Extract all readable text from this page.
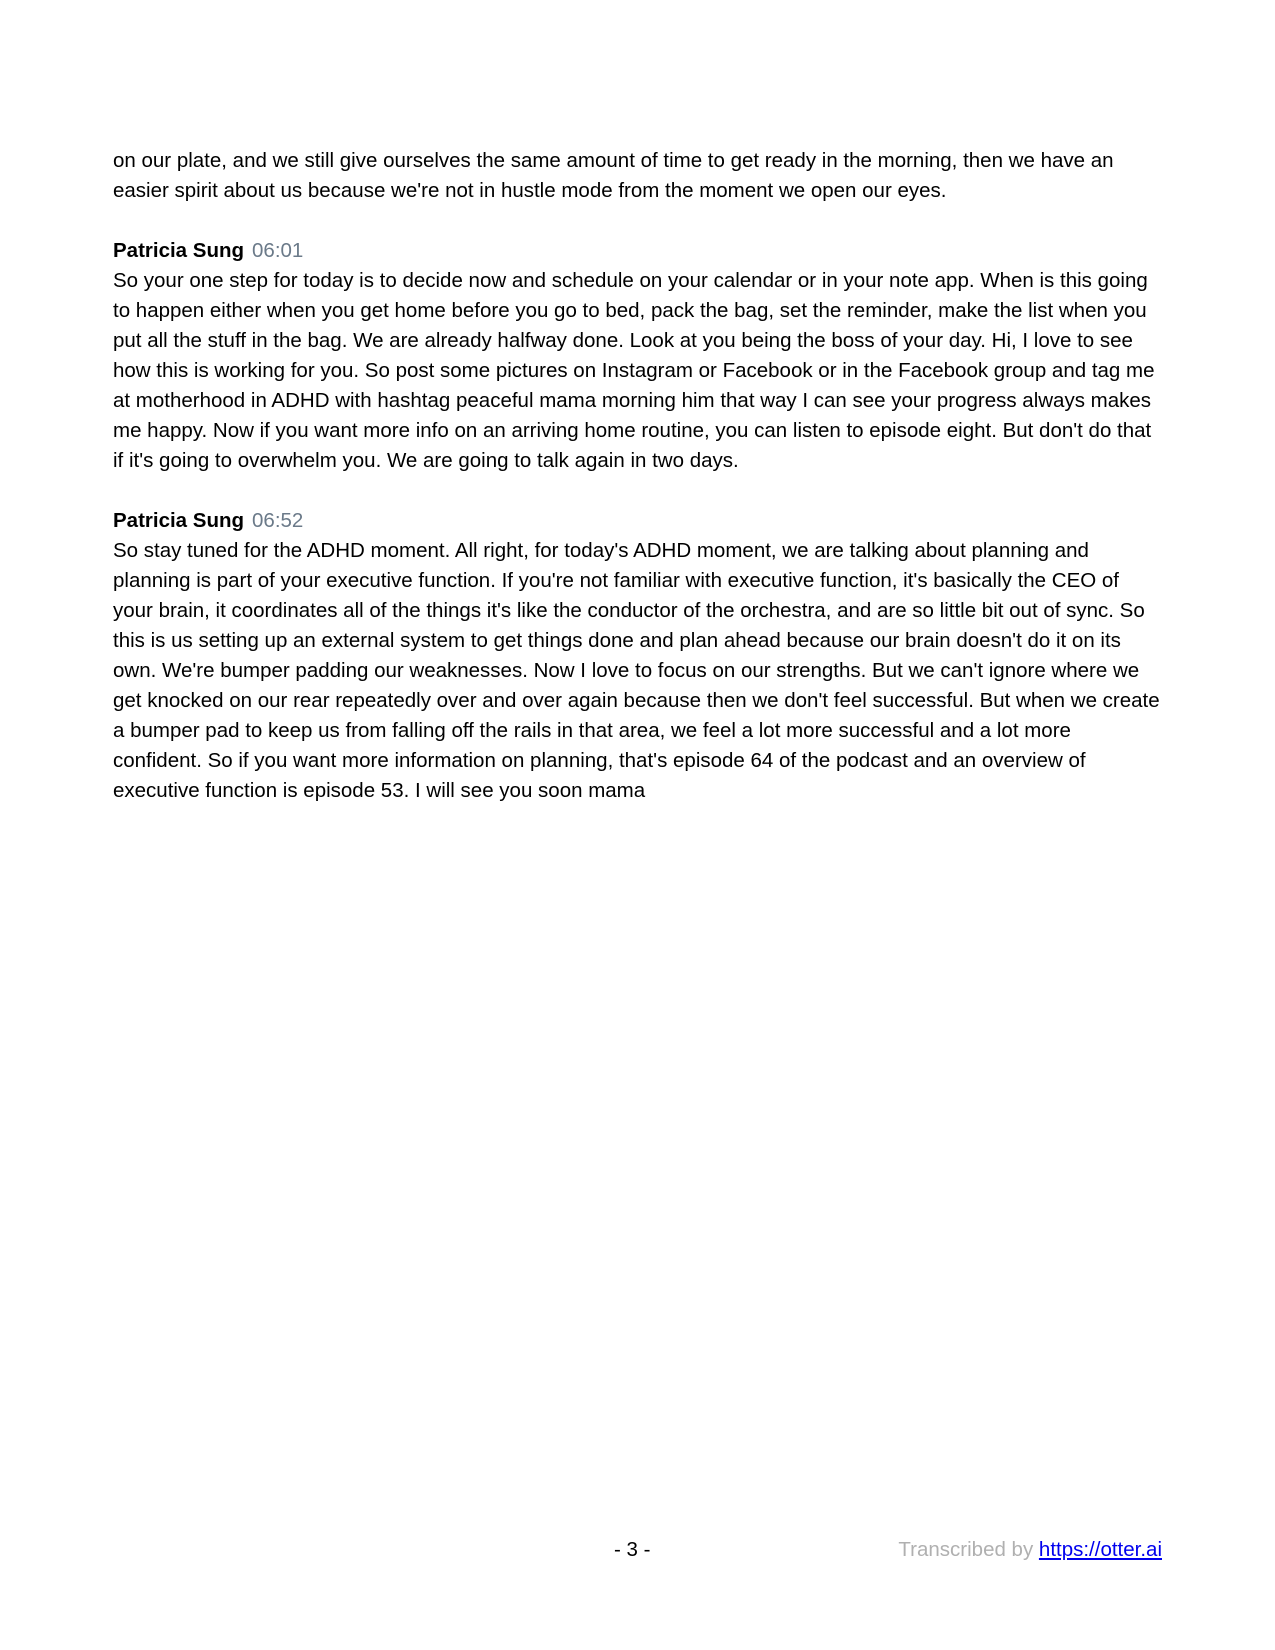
on our plate, and we still give ourselves the same amount of time to get ready in the morning, then we have an easier spirit about us because we're not in hustle mode from the moment we open our eyes.

Patricia Sung 06:01

So your one step for today is to decide now and schedule on your calendar or in your note app. When is this going to happen either when you get home before you go to bed, pack the bag, set the reminder, make the list when you put all the stuff in the bag. We are already halfway done. Look at you being the boss of your day. Hi, I love to see how this is working for you. So post some pictures on Instagram or Facebook or in the Facebook group and tag me at motherhood in ADHD with hashtag peaceful mama morning him that way I can see your progress always makes me happy. Now if you want more info on an arriving home routine, you can listen to episode eight. But don't do that if it's going to overwhelm you. We are going to talk again in two days.

Patricia Sung 06:52

So stay tuned for the ADHD moment. All right, for today's ADHD moment, we are talking about planning and planning is part of your executive function. If you're not familiar with executive function, it's basically the CEO of your brain, it coordinates all of the things it's like the conductor of the orchestra, and are so little bit out of sync. So this is us setting up an external system to get things done and plan ahead because our brain doesn't do it on its own. We're bumper padding our weaknesses. Now I love to focus on our strengths. But we can't ignore where we get knocked on our rear repeatedly over and over again because then we don't feel successful. But when we create a bumper pad to keep us from falling off the rails in that area, we feel a lot more successful and a lot more confident. So if you want more information on planning, that's episode 64 of the podcast and an overview of executive function is episode 53. I will see you soon mama

- 3 -	Transcribed by https://otter.ai
